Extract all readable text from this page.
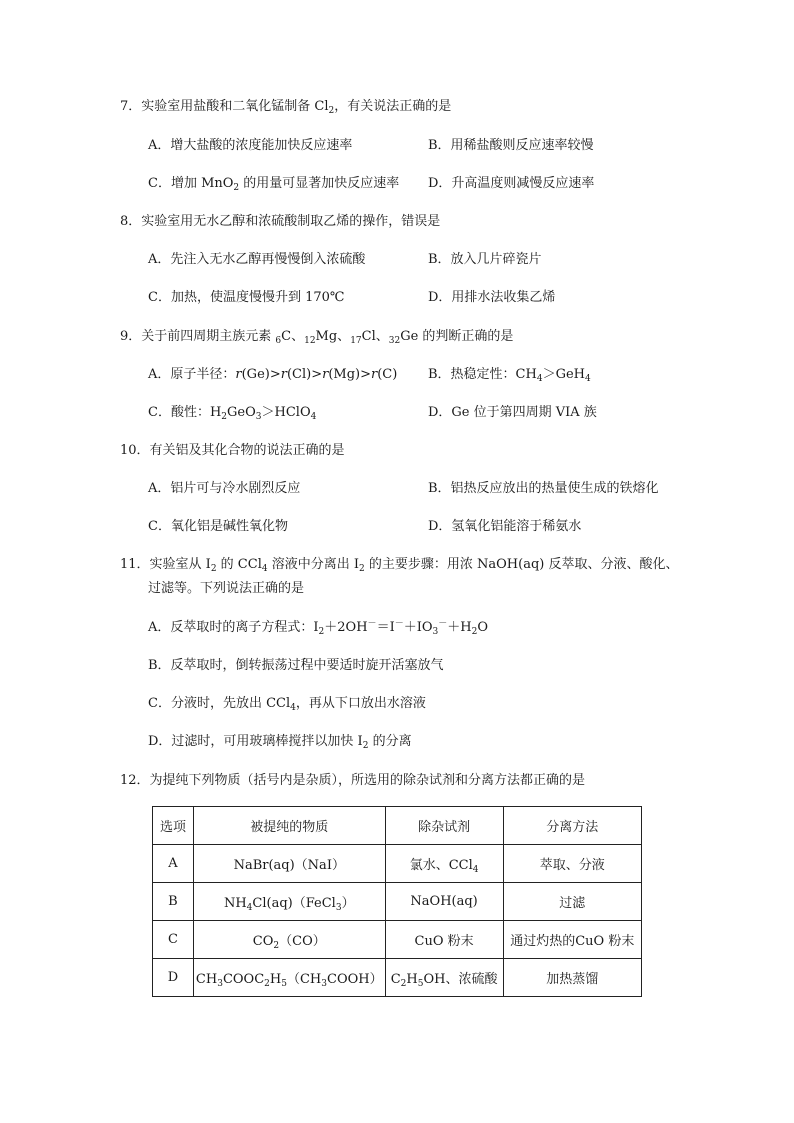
7．实验室用盐酸和二氧化锰制备 $Cl_2$，有关说法正确的是
A．增大盐酸的浓度能加快反应速率	B．用稀盐酸则反应速率较慢
C．增加 MnO$_2$ 的用量可显著加快反应速率 D．升高温度则减慢反应速率
8．实验室用无水乙醇和浓硫酸制取乙烯的操作，错误是
A．先注入无水乙醇再慢慢倒入浓硫酸	B．放入几片碎瓷片
C．加热，使温度慢慢升到 170℃	D．用排水法收集乙烯
9．关于前四周期主族元素 $_6$C、$_{12}$Mg、$_{17}$Cl、$_{32}$Ge 的判断正确的是
A．原子半径：r(Ge)>r(Cl)>r(Mg)>r(C) B．热稳定性：$CH_4>GeH_4$
C．酸性：$H_2GeO_3>HClO_4$	D．Ge 位于第四周期 VIA 族
10．有关铝及其化合物的说法正确的是
A．铝片可与冷水剧烈反应	B．铝热反应放出的热量使生成的铁熔化
C．氧化铝是碱性氧化物	D．氢氧化铝能溶于稀氨水
11．实验室从 $I_2$ 的 CCl$_4$ 溶液中分离出 $I_2$ 的主要步骤：用浓 NaOH(aq) 反萃取、分液、酸化、
过滤等。下列说法正确的是
A．反萃取时的离子方程式：$I_2+2OH^-=I^-+IO_3^-+H_2O$
B．反萃取时，倒转振荡过程中要适时旋开活塞放气
C．分液时，先放出 CCl$_4$，再从下口放出水溶液
D．过滤时，可用玻璃棒搅拌以加快 $I_2$ 的分离
12．为提纯下列物质（括号内是杂质），所选用的除杂试剂和分离方法都正确的是
选项	被提纯的物质	除杂试剂	分离方法
A	NaBr(aq)（NaI）	氯水、CCl$_4$	萃取、分液
B	$NH_4Cl(aq)(FeCl_3)$	NaOH(aq)	过滤
C	$CO_2(CO)$	CuO 粉末	通过灼热的CuO 粉末
D	$CH_3COOC_2H_5(CH_3COOH)$	$C_2H_5OH$、浓硫酸	加热蒸馏
